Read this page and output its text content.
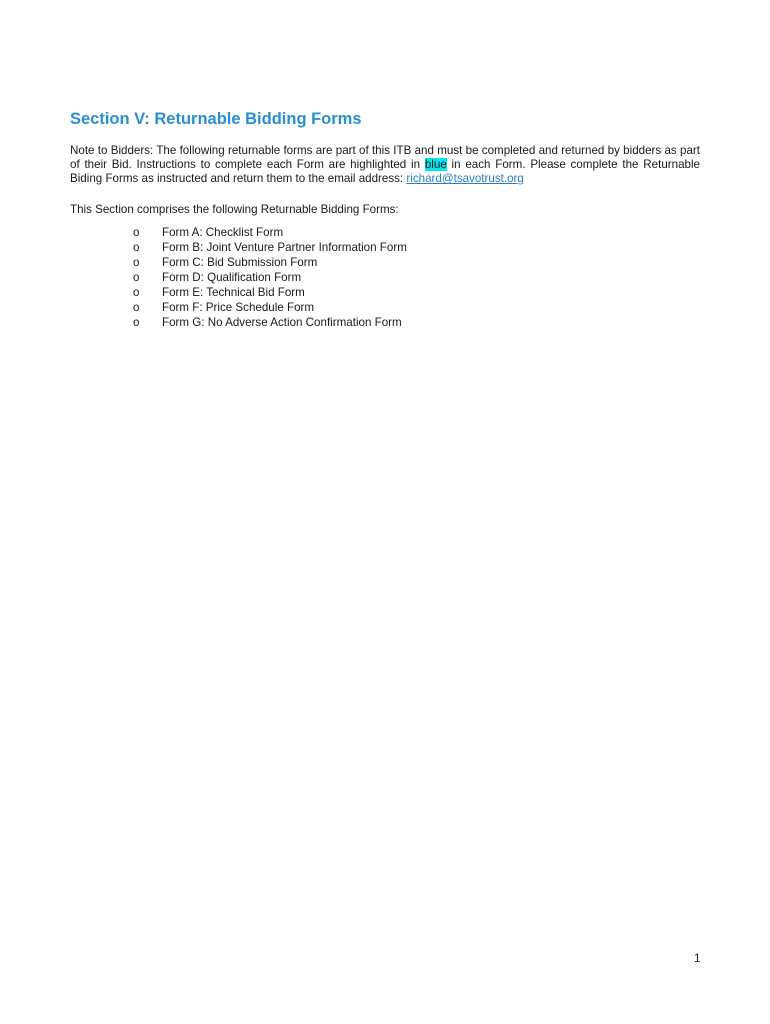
Section V: Returnable Bidding Forms

Note to Bidders: The following returnable forms are part of this ITB and must be completed and returned by bidders as part of their Bid. Instructions to complete each Form are highlighted in blue in each Form. Please complete the Returnable Biding Forms as instructed and return them to the email address: richard@tsavotrust.org

This Section comprises the following Returnable Bidding Forms:

o Form A: Checklist Form
o Form B: Joint Venture Partner Information Form
o Form C: Bid Submission Form
o Form D: Qualification Form
o Form E: Technical Bid Form
o Form F: Price Schedule Form
o Form G: No Adverse Action Confirmation Form
1
